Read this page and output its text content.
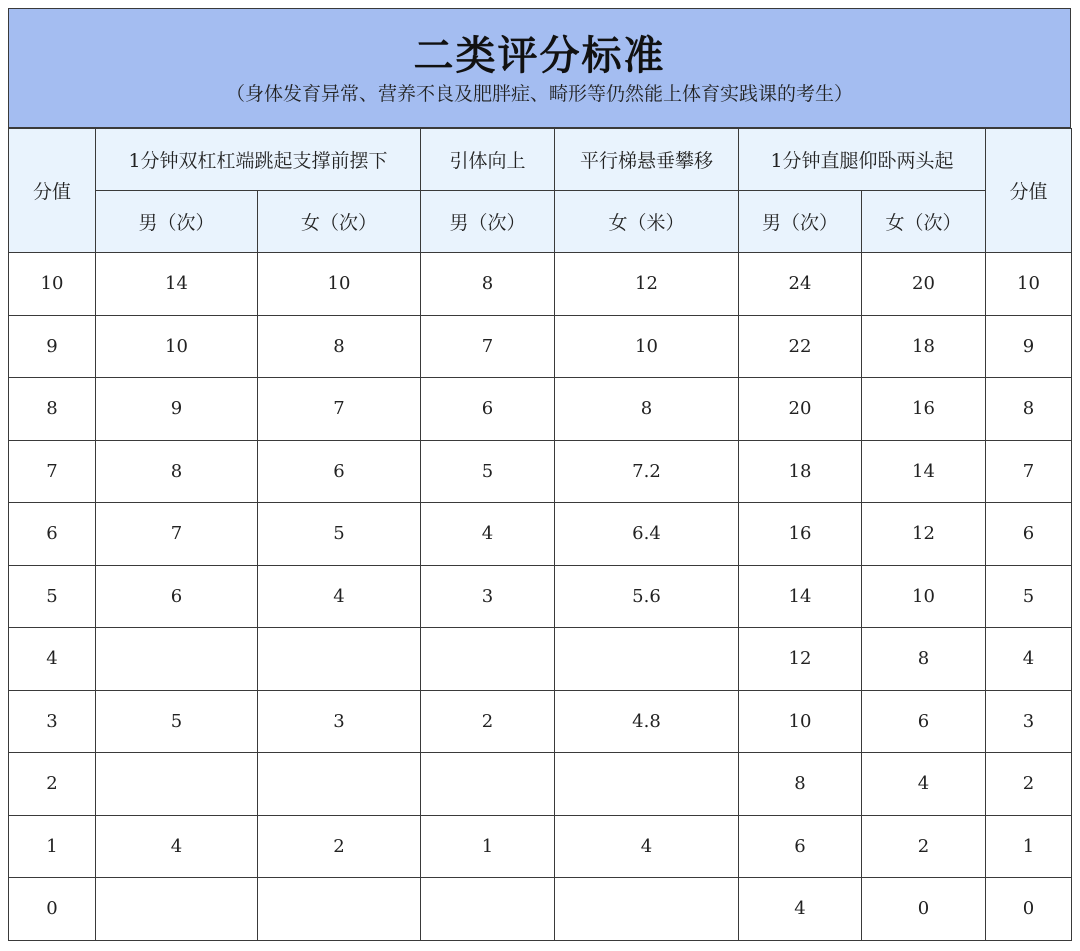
二类评分标准
（身体发育异常、营养不良及肥胖症、畸形等仍然能上体育实践课的考生）
分值	1分钟双杠杠端跳起支撑前摆下		引体向上	平行梯悬垂攀移	1分钟直腿仰卧两头起		分值
	男（次）	女（次）	男（次）	女（米）	男（次）	女（次）	
10	14	10	8	12	24	20	10
9	10	8	7	10	22	18	9
8	9	7	6	8	20	16	8
7	8	6	5	7.2	18	14	7
6	7	5	4	6.4	16	12	6
5	6	4	3	5.6	14	10	5
4					12	8	4
3	5	3	2	4.8	10	6	3
2					8	4	2
1	4	2	1	4	6	2	1
0					4	0	0
